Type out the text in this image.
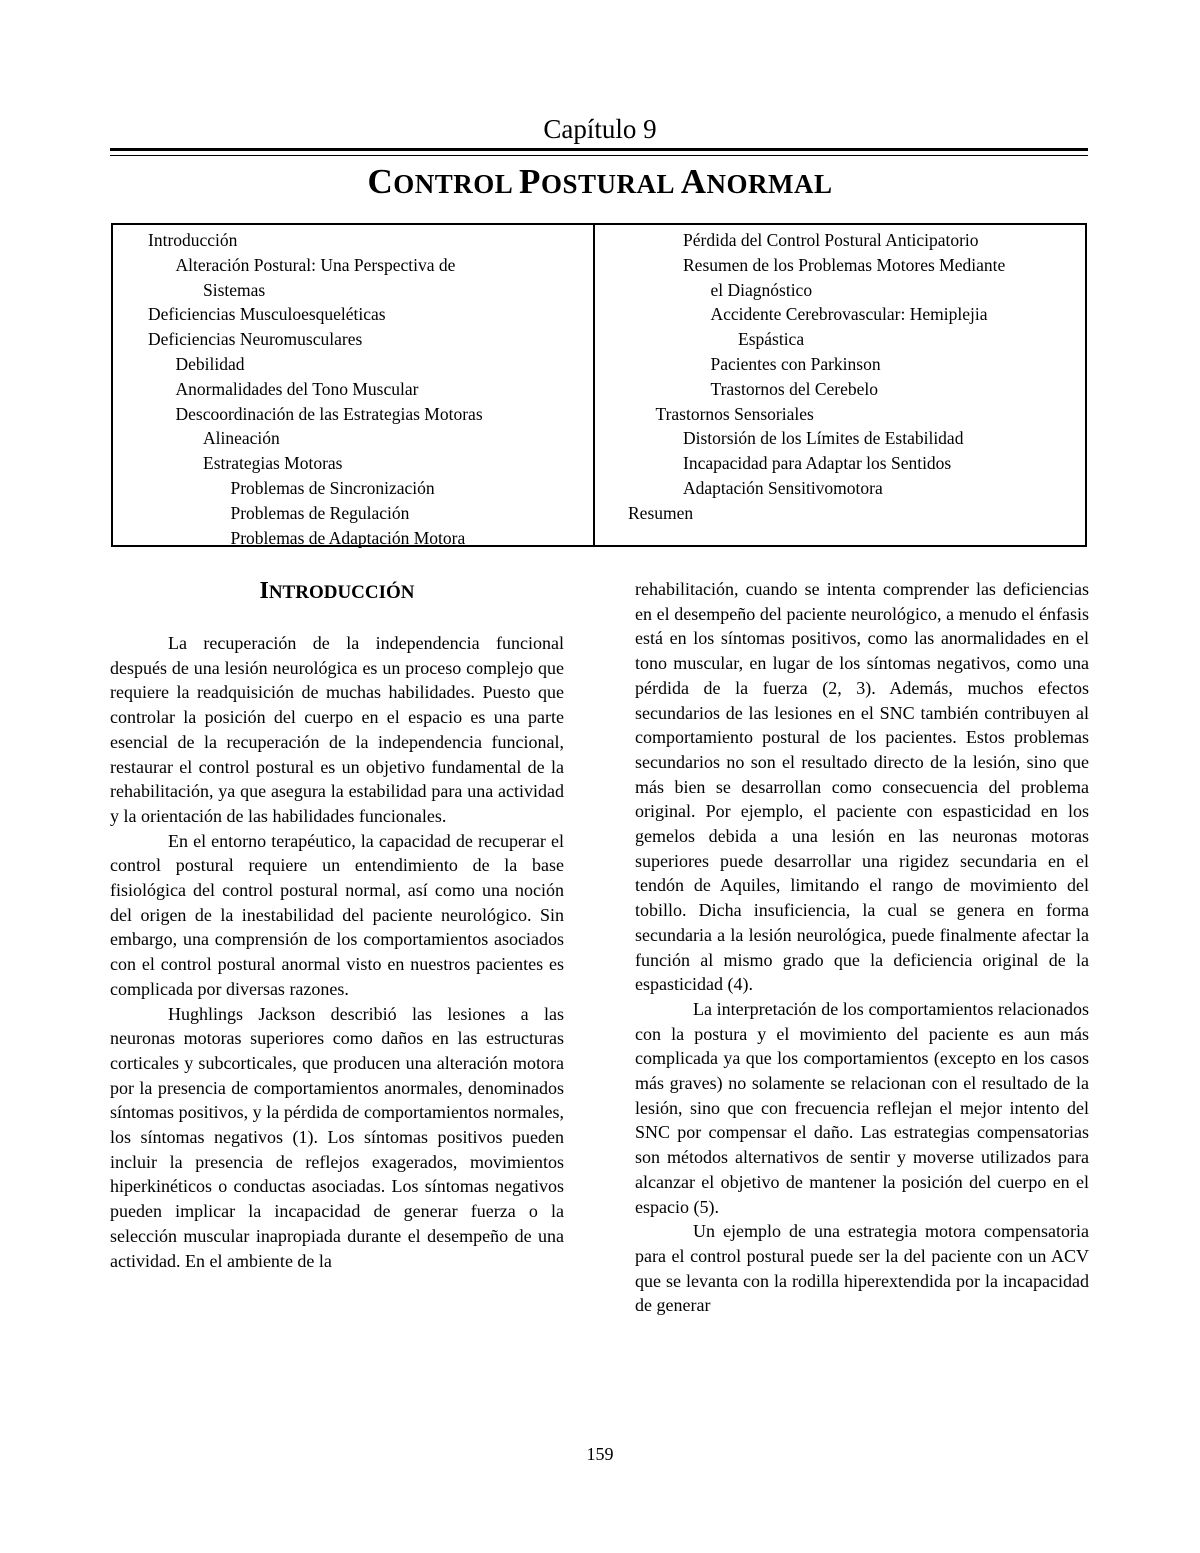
Capítulo 9
CONTROL POSTURAL ANORMAL
Introducción
Alteración Postural: Una Perspectiva de
Sistemas
Deficiencias Musculoesqueléticas
Deficiencias Neuromusculares
Debilidad
Anormalidades del Tono Muscular
Descoordinación de las Estrategias Motoras
Alineación
Estrategias Motoras
Problemas de Sincronización
Problemas de Regulación
Problemas de Adaptación Motora
Pérdida del Control Postural Anticipatorio
Resumen de los Problemas Motores Mediante
el Diagnóstico
Accidente Cerebrovascular: Hemiplejia
Espástica
Pacientes con Parkinson
Trastornos del Cerebelo
Trastornos Sensoriales
Distorsión de los Límites de Estabilidad
Incapacidad para Adaptar los Sentidos
Adaptación Sensitivomotora
Resumen
INTRODUCCIÓN

La recuperación de la independencia funcional después de una lesión neurológica es un proceso complejo que requiere la readquisición de muchas habilidades. Puesto que controlar la posición del cuerpo en el espacio es una parte esencial de la recuperación de la independencia funcional, restaurar el control postural es un objetivo fundamental de la rehabilitación, ya que asegura la estabilidad para una actividad y la orientación de las habilidades funcionales.

En el entorno terapéutico, la capacidad de recuperar el control postural requiere un entendimiento de la base fisiológica del control postural normal, así como una noción del origen de la inestabilidad del paciente neurológico. Sin embargo, una comprensión de los comportamientos asociados con el control postural anormal visto en nuestros pacientes es complicada por diversas razones.

Hughlings Jackson describió las lesiones a las neuronas motoras superiores como daños en las estructuras corticales y subcorticales, que producen una alteración motora por la presencia de comportamientos anormales, denominados síntomas positivos, y la pérdida de comportamientos normales, los síntomas negativos (1). Los síntomas positivos pueden incluir la presencia de reflejos exagerados, movimientos hiperkinéticos o conductas asociadas. Los síntomas negativos pueden implicar la incapacidad de generar fuerza o la selección muscular inapropiada durante el desempeño de una actividad. En el ambiente de la

rehabilitación, cuando se intenta comprender las deficiencias en el desempeño del paciente neurológico, a menudo el énfasis está en los síntomas positivos, como las anormalidades en el tono muscular, en lugar de los síntomas negativos, como una pérdida de la fuerza (2, 3). Además, muchos efectos secundarios de las lesiones en el SNC también contribuyen al comportamiento postural de los pacientes. Estos problemas secundarios no son el resultado directo de la lesión, sino que más bien se desarrollan como consecuencia del problema original. Por ejemplo, el paciente con espasticidad en los gemelos debida a una lesión en las neuronas motoras superiores puede desarrollar una rigidez secundaria en el tendón de Aquiles, limitando el rango de movimiento del tobillo. Dicha insuficiencia, la cual se genera en forma secundaria a la lesión neurológica, puede finalmente afectar la función al mismo grado que la deficiencia original de la espasticidad (4).

La interpretación de los comportamientos relacionados con la postura y el movimiento del paciente es aun más complicada ya que los comportamientos (excepto en los casos más graves) no solamente se relacionan con el resultado de la lesión, sino que con frecuencia reflejan el mejor intento del SNC por compensar el daño. Las estrategias compensatorias son métodos alternativos de sentir y moverse utilizados para alcanzar el objetivo de mantener la posición del cuerpo en el espacio (5).

Un ejemplo de una estrategia motora compensatoria para el control postural puede ser la del paciente con un ACV que se levanta con la rodilla hiperextendida por la incapacidad de generar

159
